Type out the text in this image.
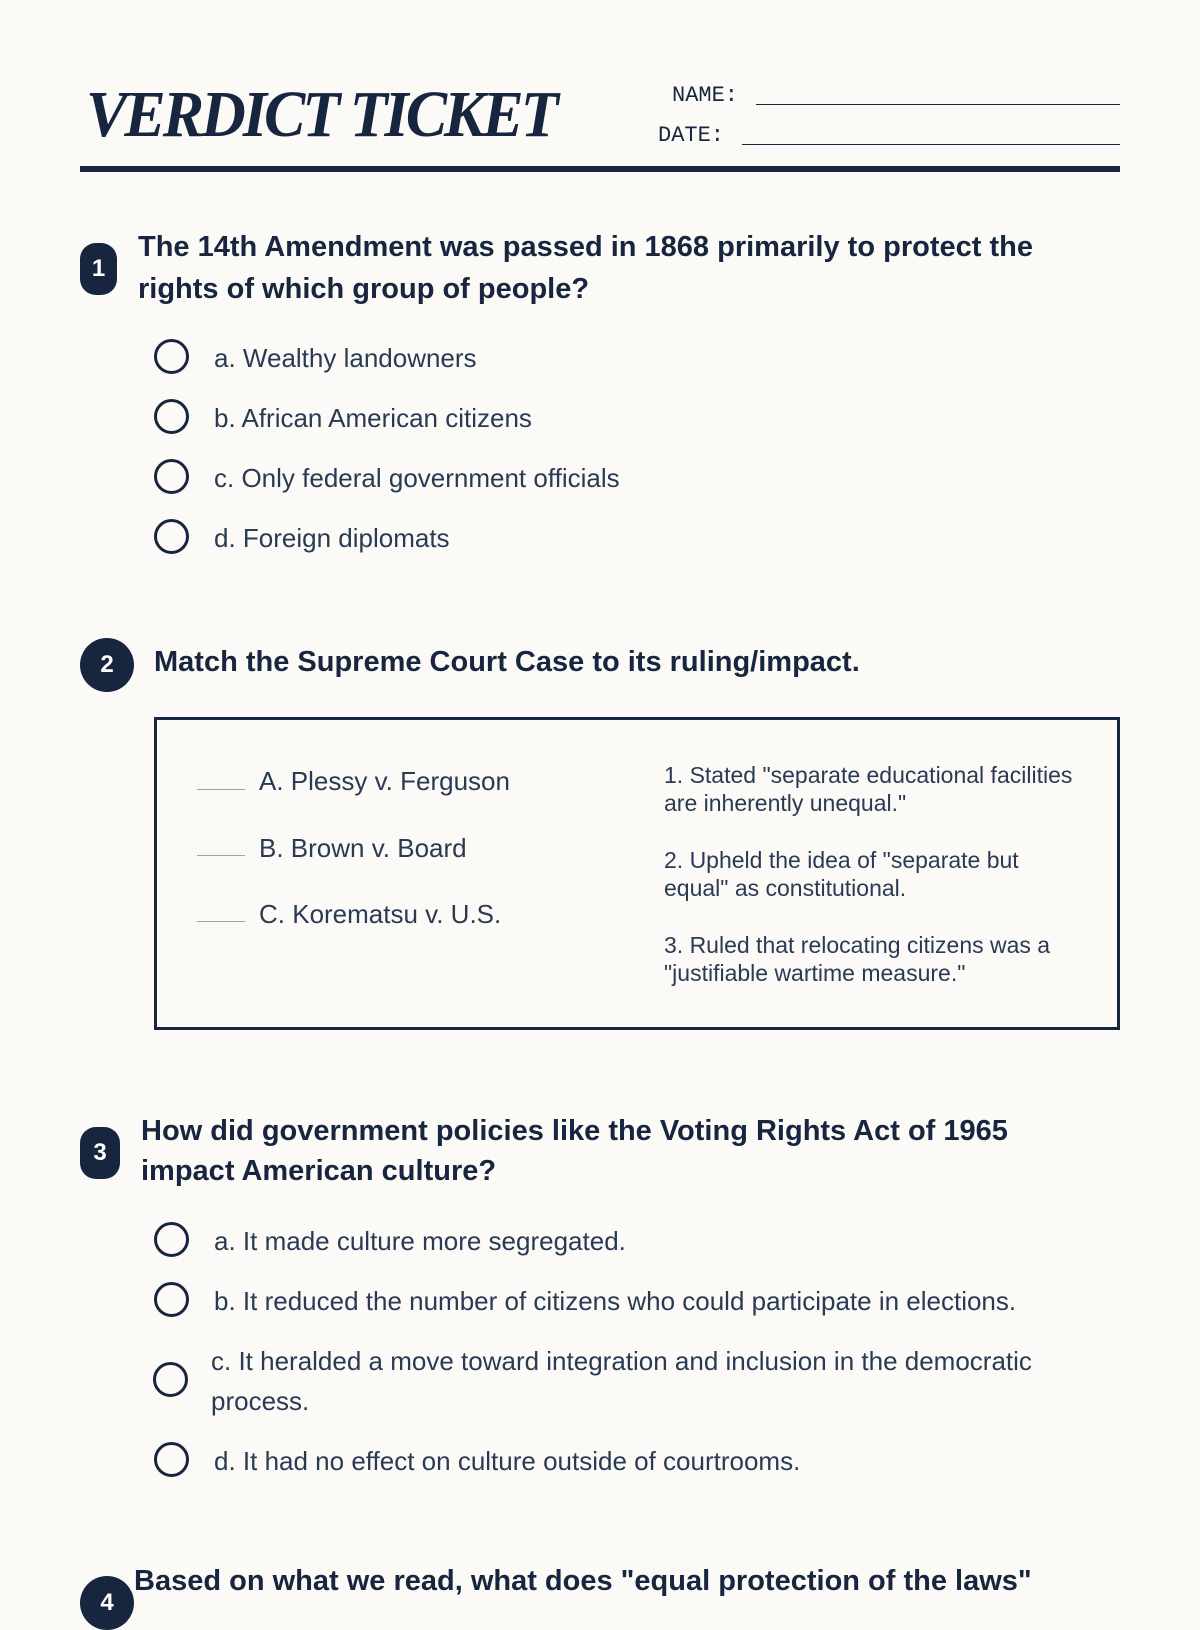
VERDICT TICKET	NAME:
DATE:
1
The 14th Amendment was passed in 1868 primarily to protect the rights of which group of people?
a. Wealthy landowners
b. African American citizens
c. Only federal government officials
d. Foreign diplomats
2	Match the Supreme Court Case to its ruling/impact.
A. Plessy v. Ferguson
B. Brown v. Board
C. Korematsu v. U.S.
1. Stated "separate educational facilities are inherently unequal."
2. Upheld the idea of "separate but equal" as constitutional.
3. Ruled that relocating citizens was a "justifiable wartime measure."
3
How did government policies like the Voting Rights Act of 1965 impact American culture?
a. It made culture more segregated.
b. It reduced the number of citizens who could participate in elections.
c. It heralded a move toward integration and inclusion in the democratic process.
d. It had no effect on culture outside of courtrooms.
4
Based on what we read, what does "equal protection of the laws"
